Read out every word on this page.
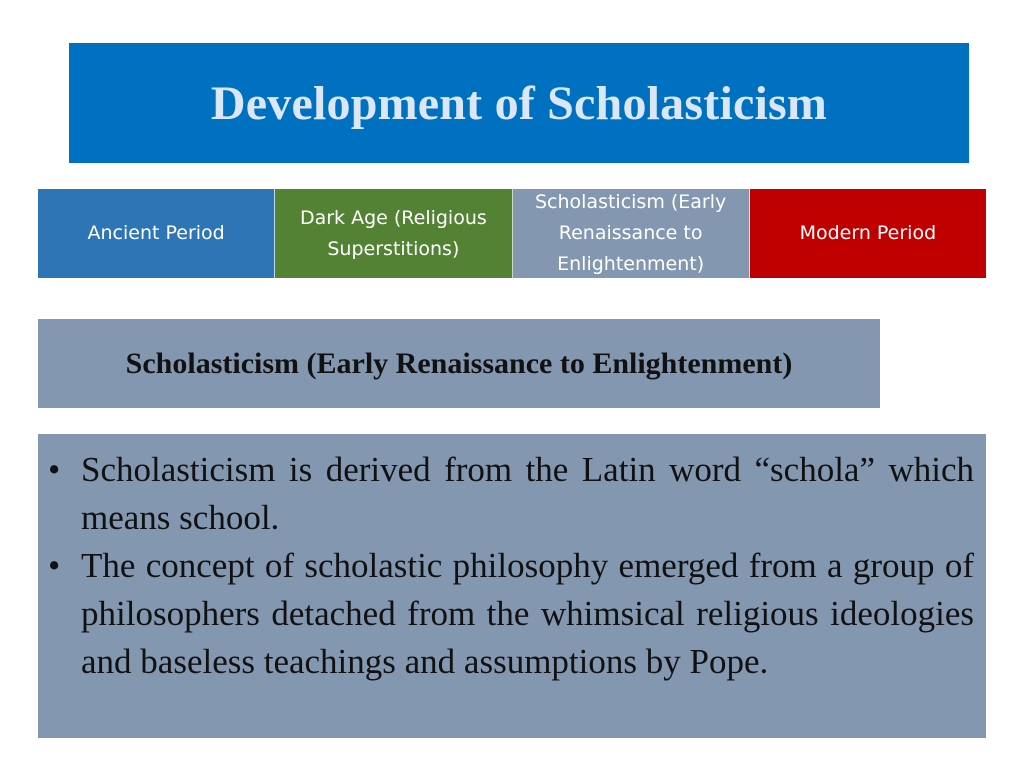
Development of Scholasticism
Ancient Period
Dark Age (Religious Superstitions)
Scholasticism (Early Renaissance to Enlightenment)
Modern Period
Scholasticism (Early Renaissance to Enlightenment)
• Scholasticism is derived from the Latin word “schola” which means school.
• The concept of scholastic philosophy emerged from a group of philosophers detached from the whimsical religious ideologies and baseless teachings and assumptions by Pope.
